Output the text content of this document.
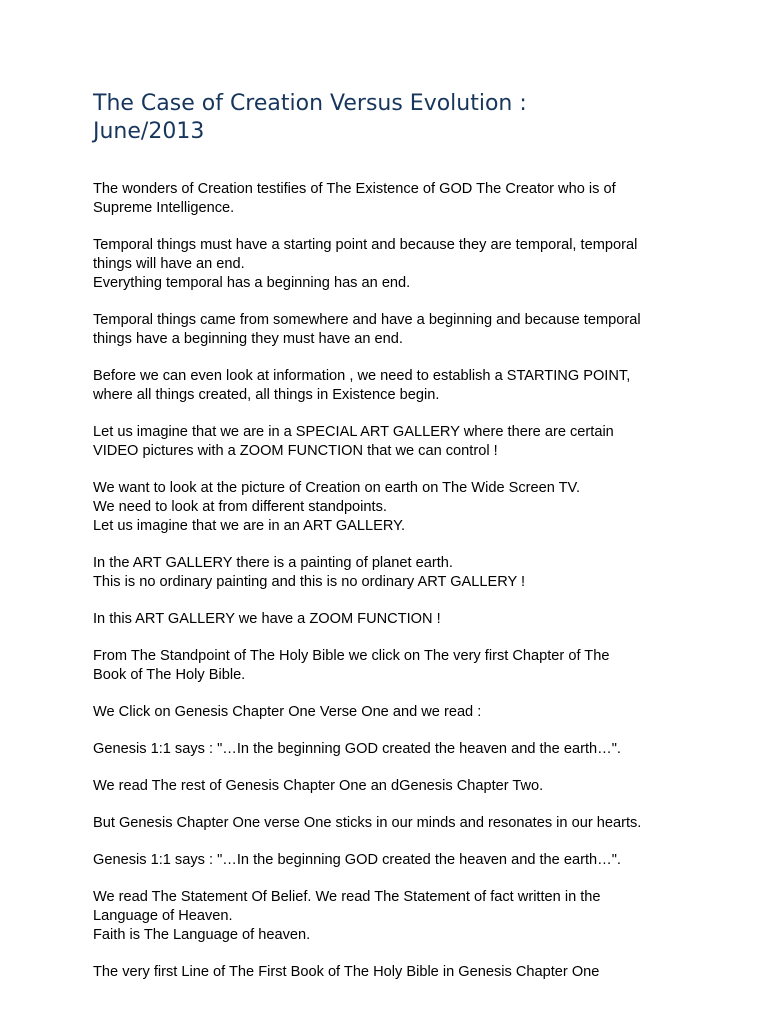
The Case of Creation Versus Evolution :
June/2013

The wonders of Creation testifies of The Existence of GOD The Creator who is of
Supreme Intelligence.

Temporal things must have a starting point and because they are temporal, temporal
things will have an end.
Everything temporal has a beginning has an end.

Temporal things came from somewhere and have a beginning and because temporal
things have a beginning they must have an end.

Before we can even look at information , we need to establish a STARTING POINT,
where all things created, all things in Existence begin.

Let us imagine that we are in a SPECIAL ART GALLERY where there are certain
VIDEO pictures with a ZOOM FUNCTION that we can control !

We want to look at the picture of Creation on earth on The Wide Screen TV.
We need to look at from different standpoints.
Let us imagine that we are in an ART GALLERY.

In the ART GALLERY there is a painting of planet earth.
This is no ordinary painting and this is no ordinary ART GALLERY !

In this ART GALLERY we have a ZOOM FUNCTION !

From The Standpoint of The Holy Bible we click on The very first Chapter of The
Book of The Holy Bible.

We Click on Genesis Chapter One Verse One and we read :

Genesis 1:1 says : "…In the beginning GOD created the heaven and the earth…".

We read The rest of Genesis Chapter One an dGenesis Chapter Two.

But Genesis Chapter One verse One sticks in our minds and resonates in our hearts.

Genesis 1:1 says : "…In the beginning GOD created the heaven and the earth…".

We read The Statement Of Belief. We read The Statement of fact written in the
Language of Heaven.
Faith is The Language of heaven.

The very first Line of The First Book of The Holy Bible in Genesis Chapter One
